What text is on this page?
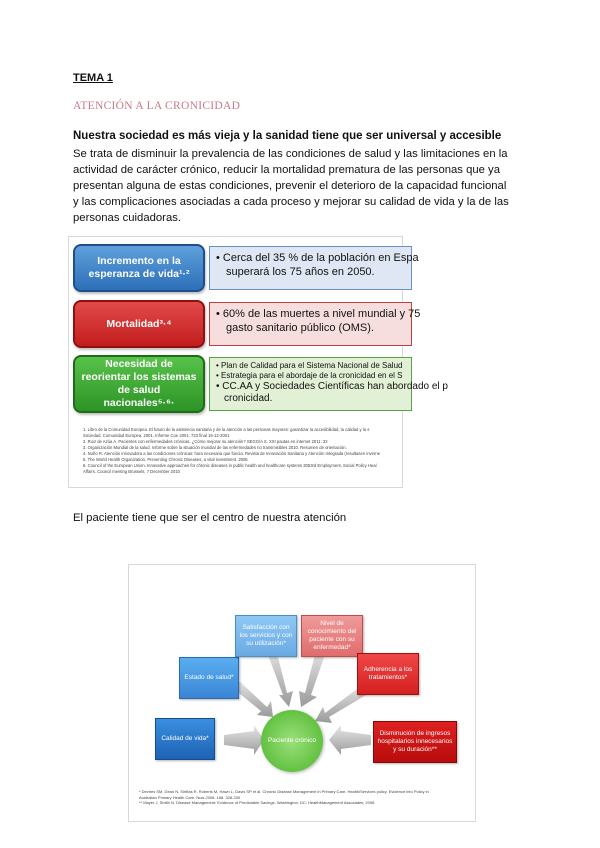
TEMA 1
ATENCIÓN A LA CRONICIDAD
Nuestra sociedad es más vieja y la sanidad tiene que ser universal y accesible
Se trata de disminuir la prevalencia de las condiciones de salud y las limitaciones en la
actividad de carácter crónico, reducir la mortalidad prematura de las personas que ya
presentan alguna de estas condiciones, prevenir el deterioro de la capacidad funcional
y las complicaciones asociadas a cada proceso y mejorar su calidad de vida y la de las
personas cuidadoras.
Incremento en la esperanza de vida¹·²
• Cerca del 35 % de la población en Espa
superará los 75 años en 2050.
Mortalidad³·⁴
• 60% de las muertes a nivel mundial y 75
gasto sanitario público (OMS).
Necesidad de reorientar los sistemas de salud nacionales⁵·⁶·
• Plan de Calidad para el Sistema Nacional de Salud
• Estrategia para el abordaje de la cronicidad en el S
• CC.AA y Sociedades Científicas han abordado el p
cronicidad.
1. Libro de la Comunidad Europea. El futuro de la asistencia sanitaria y de la atención a las personas mayores: garantizar la accesibilidad, la calidad y la s
Sociedad. Comunidad Europea. 2001. Informe Coe 2001. 723 final 15-12-2001
2. Ruiz de Azúa A. Pacientes con enfermedades crónicas. ¿Cómo mejorar su atención? SEGG/A S. XXI pautas en internet 2011: 32
3. Organización Mundial de la salud. Informe sobre la situación mundial de las enfermedades no transmisibles 2010. Resumen de orientación.
4. Nuño R. Atención innovadora a las condiciones crónicas: hora necesaria que funcia. Revista de Innovación Sanitaria y Atención Integrada (resultasen inverne
5. The World Health Organization. Preventing Chronic Diseases, a vital investment. 2005
6. Council of the European Union. Innovative approaches for chronic diseases in public health and healthcare systems 3053rd Employment, Social Policy Heal
Affairs. Council meeting Brussels, 7 December 2010
El paciente tiene que ser el centro de nuestra atención
Calidad de vida*
Estado de salud*
Satisfacción con los servicios y con su utilización*
Nivel de conocimiento del paciente con su enfermedad*
Adherencia a los tratamientos*
Disminución de ingresos hospitalarios innecesarios y su duración**
Paciente crónico
* Devries SM, Dean N, Siriftas R, Roberts M, Hawn L, Davis SP et al. Chronic Disease Management in Primary Care. Health/Services policy. Evidence into Policy in
Australian Primary Health Care. Nuis 2008. 168. 328-330
** Mayer J, Smith N. Disease Management: Evidence of Predictable Savings. Washington, DC: HealthManagement Associates; 2008
